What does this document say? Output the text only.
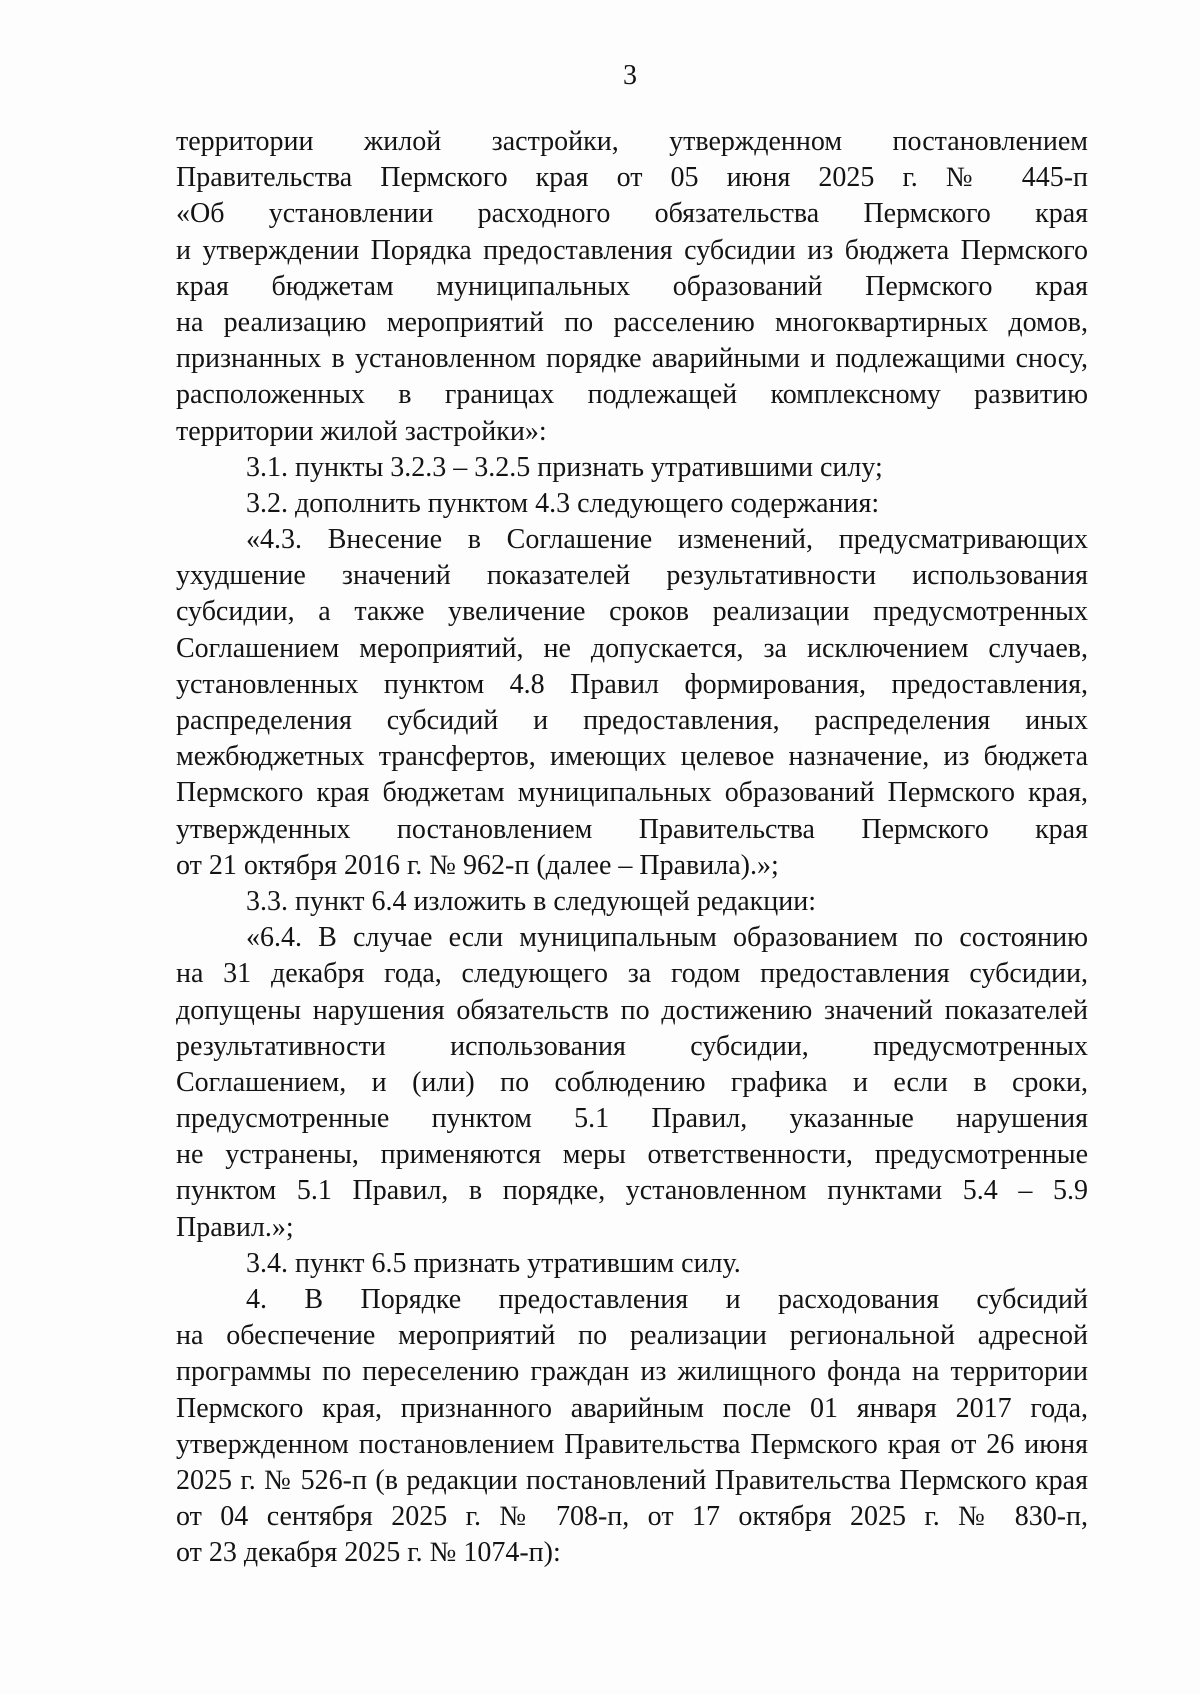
3
территории жилой застройки, утвержденном постановлением
Правительства Пермского края от 05 июня 2025 г. № 445-п
«Об установлении расходного обязательства Пермского края
и утверждении Порядка предоставления субсидии из бюджета Пермского
края бюджетам муниципальных образований Пермского края
на реализацию мероприятий по расселению многоквартирных домов,
признанных в установленном порядке аварийными и подлежащими сносу,
расположенных в границах подлежащей комплексному развитию
территории жилой застройки»:
3.1. пункты 3.2.3 – 3.2.5 признать утратившими силу;
3.2. дополнить пунктом 4.3 следующего содержания:
«4.3. Внесение в Соглашение изменений, предусматривающих
ухудшение значений показателей результативности использования
субсидии, а также увеличение сроков реализации предусмотренных
Соглашением мероприятий, не допускается, за исключением случаев,
установленных пунктом 4.8 Правил формирования, предоставления,
распределения субсидий и предоставления, распределения иных
межбюджетных трансфертов, имеющих целевое назначение, из бюджета
Пермского края бюджетам муниципальных образований Пермского края,
утвержденных постановлением Правительства Пермского края
от 21 октября 2016 г. № 962-п (далее – Правила).»;
3.3. пункт 6.4 изложить в следующей редакции:
«6.4. В случае если муниципальным образованием по состоянию
на 31 декабря года, следующего за годом предоставления субсидии,
допущены нарушения обязательств по достижению значений показателей
результативности использования субсидии, предусмотренных
Соглашением, и (или) по соблюдению графика и если в сроки,
предусмотренные пунктом 5.1 Правил, указанные нарушения
не устранены, применяются меры ответственности, предусмотренные
пунктом 5.1 Правил, в порядке, установленном пунктами 5.4 – 5.9
Правил.»;
3.4. пункт 6.5 признать утратившим силу.
4. В Порядке предоставления и расходования субсидий
на обеспечение мероприятий по реализации региональной адресной
программы по переселению граждан из жилищного фонда на территории
Пермского края, признанного аварийным после 01 января 2017 года,
утвержденном постановлением Правительства Пермского края от 26 июня
2025 г. № 526-п (в редакции постановлений Правительства Пермского края
от 04 сентября 2025 г. № 708-п, от 17 октября 2025 г. № 830-п,
от 23 декабря 2025 г. № 1074-п):
